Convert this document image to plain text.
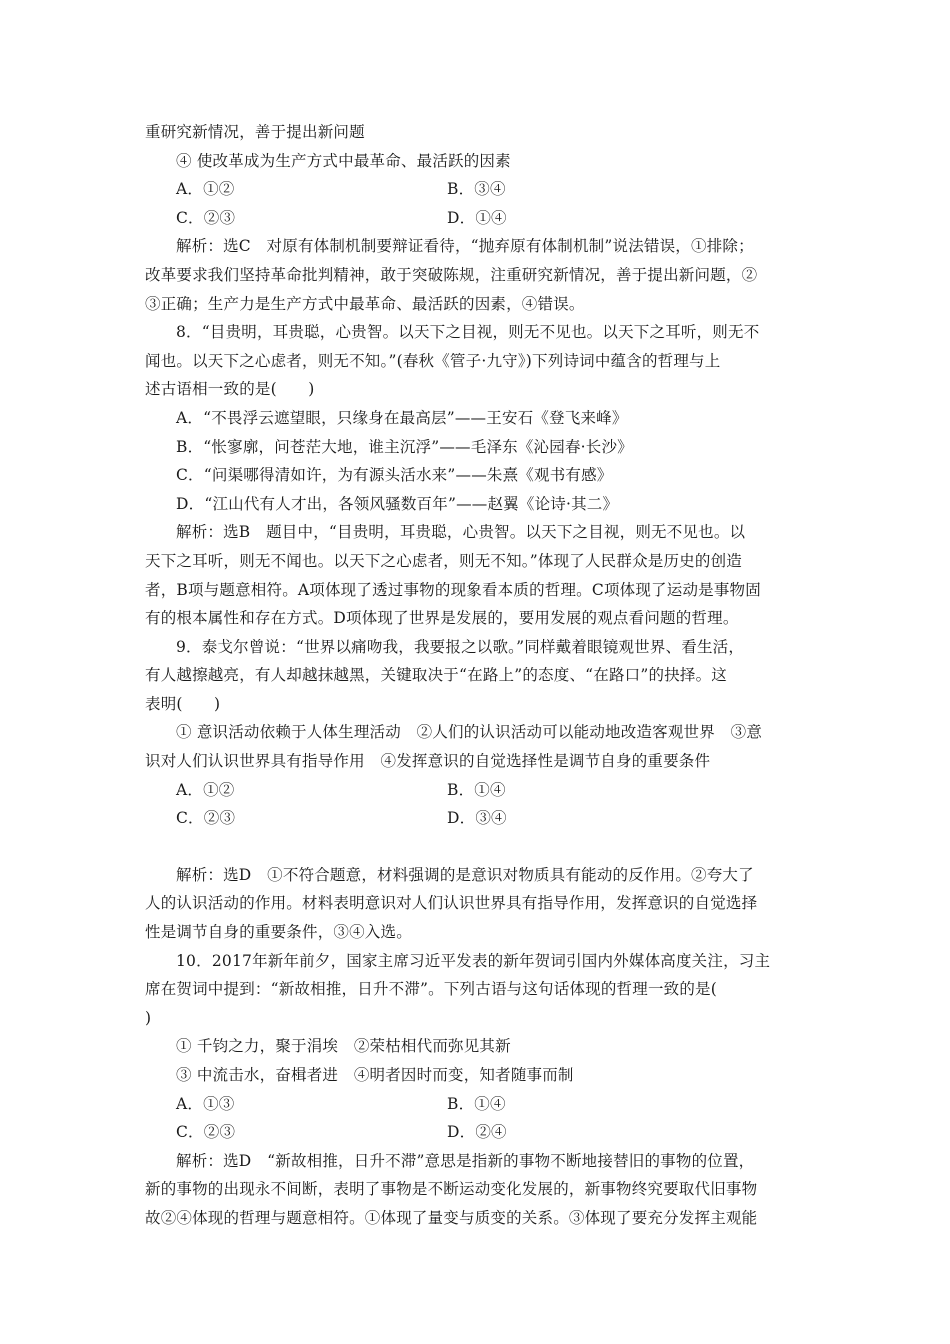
重研究新情况，善于提出新问题
④ 使改革成为生产方式中最革命、最活跃的因素
A．①②	B．③④
C．②③	D．①④
解析：选C　对原有体制机制要辩证看待，“抛弃原有体制机制”说法错误，①排除；
改革要求我们坚持革命批判精神，敢于突破陈规，注重研究新情况，善于提出新问题，②
③正确；生产力是生产方式中最革命、最活跃的因素，④错误。
8．“目贵明，耳贵聪，心贵智。以天下之目视，则无不见也。以天下之耳听，则无不
闻也。以天下之心虑者，则无不知。”(春秋《管子·九守》)下列诗词中蕴含的哲理与上
述古语相一致的是(　　)
A．“不畏浮云遮望眼，只缘身在最高层”——王安石《登飞来峰》
B．“怅寥廓，问苍茫大地，谁主沉浮”——毛泽东《沁园春·长沙》
C．“问渠哪得清如许，为有源头活水来”——朱熹《观书有感》
D．“江山代有人才出，各领风骚数百年”——赵翼《论诗·其二》
解析：选B　题目中，“目贵明，耳贵聪，心贵智。以天下之目视，则无不见也。以
天下之耳听，则无不闻也。以天下之心虑者，则无不知。”体现了人民群众是历史的创造
者，B项与题意相符。A项体现了透过事物的现象看本质的哲理。C项体现了运动是事物固
有的根本属性和存在方式。D项体现了世界是发展的，要用发展的观点看问题的哲理。
9．泰戈尔曾说：“世界以痛吻我，我要报之以歌。”同样戴着眼镜观世界、看生活，
有人越擦越亮，有人却越抹越黑，关键取决于“在路上”的态度、“在路口”的抉择。这
表明(　　)
① 意识活动依赖于人体生理活动　②人们的认识活动可以能动地改造客观世界　③意
识对人们认识世界具有指导作用　④发挥意识的自觉选择性是调节自身的重要条件
A．①②	B．①④
C．②③	D．③④
解析：选D　①不符合题意，材料强调的是意识对物质具有能动的反作用。②夸大了
人的认识活动的作用。材料表明意识对人们认识世界具有指导作用，发挥意识的自觉选择
性是调节自身的重要条件，③④入选。
10．2017年新年前夕，国家主席习近平发表的新年贺词引国内外媒体高度关注，习主
席在贺词中提到：“新故相推，日升不滞”。下列古语与这句话体现的哲理一致的是(
)
① 千钧之力，聚于涓埃　②荣枯相代而弥见其新
③ 中流击水，奋楫者进　④明者因时而变，知者随事而制
A．①③	B．①④
C．②③	D．②④
解析：选D　“新故相推，日升不滞”意思是指新的事物不断地接替旧的事物的位置，
新的事物的出现永不间断，表明了事物是不断运动变化发展的，新事物终究要取代旧事物
故②④体现的哲理与题意相符。①体现了量变与质变的关系。③体现了要充分发挥主观能
